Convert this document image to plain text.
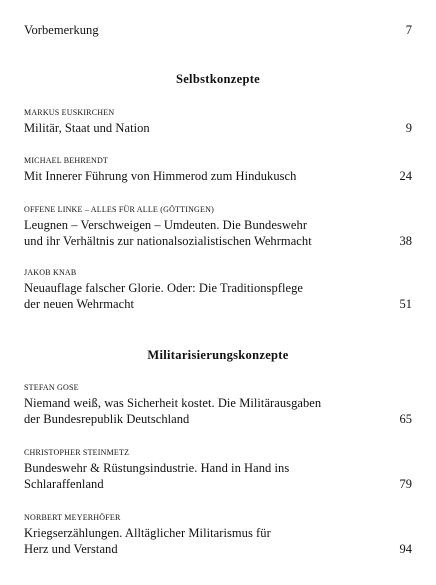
Vorbemerkung	7
Selbstkonzepte
MARKUS EUSKIRCHEN
Militär, Staat und Nation	9
MICHAEL BEHRENDT
Mit Innerer Führung von Himmerod zum Hindukusch	24
OFFENE LINKE – ALLES FÜR ALLE (GÖTTINGEN)
Leugnen – Verschweigen – Umdeuten. Die Bundeswehr
und ihr Verhältnis zur nationalsozialistischen Wehrmacht	38
JAKOB KNAB
Neuauflage falscher Glorie. Oder: Die Traditionspflege
der neuen Wehrmacht	51
Militarisierungskonzepte
STEFAN GOSE
Niemand weiß, was Sicherheit kostet. Die Militärausgaben
der Bundesrepublik Deutschland	65
CHRISTOPHER STEINMETZ
Bundeswehr & Rüstungsindustrie. Hand in Hand ins
Schlaraffenland	79
NORBERT MEYERHÖFER
Kriegserzählungen. Alltäglicher Militarismus für
Herz und Verstand	94
